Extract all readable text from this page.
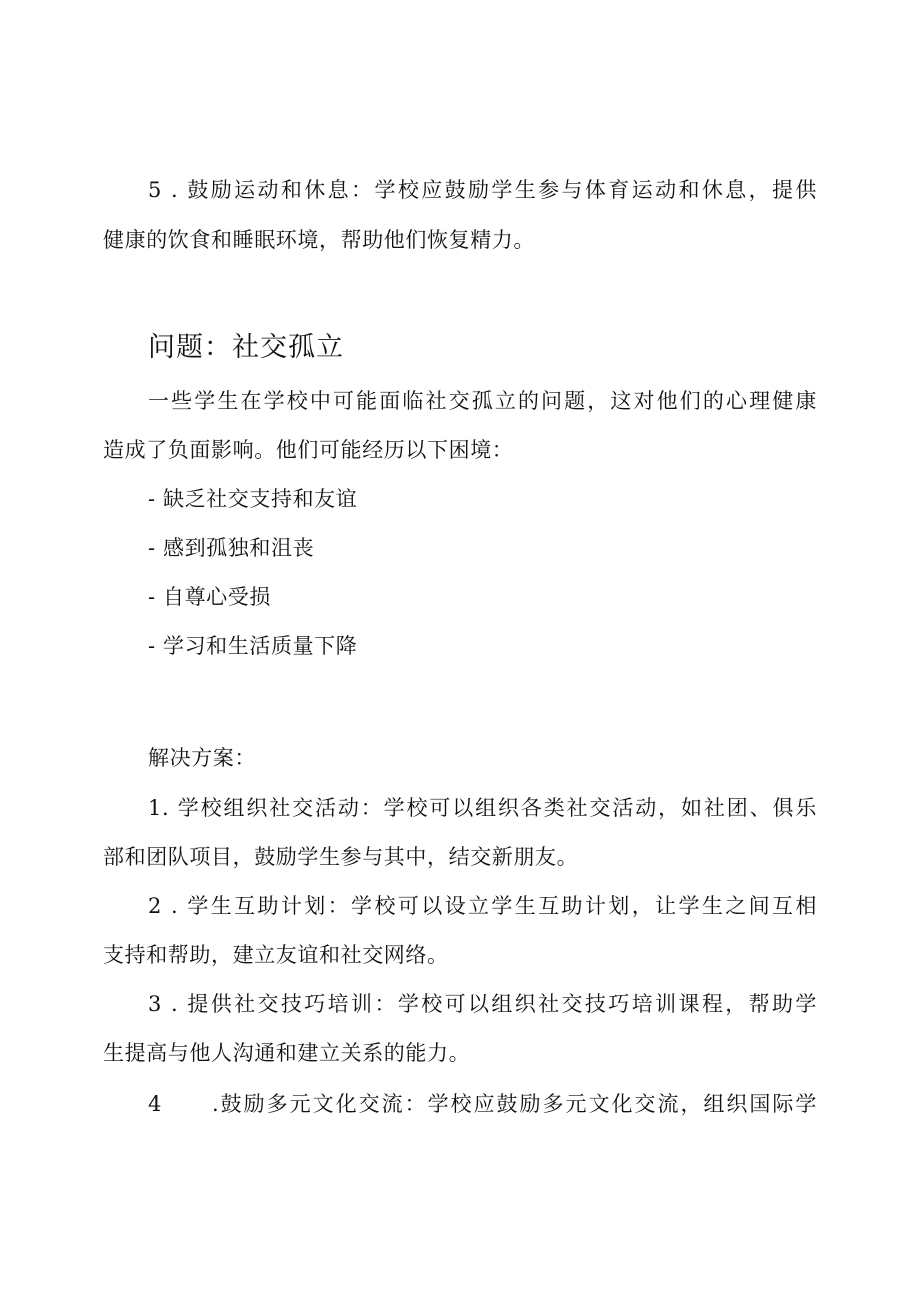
5 . 鼓励运动和休息：学校应鼓励学生参与体育运动和休息，提供
健康的饮食和睡眠环境，帮助他们恢复精力。
问题：社交孤立
一些学生在学校中可能面临社交孤立的问题，这对他们的心理健康
造成了负面影响。他们可能经历以下困境：
- 缺乏社交支持和友谊
- 感到孤独和沮丧
- 自尊心受损
- 学习和生活质量下降
解决方案：
1. 学校组织社交活动：学校可以组织各类社交活动，如社团、俱乐
部和团队项目，鼓励学生参与其中，结交新朋友。
2 . 学生互助计划：学校可以设立学生互助计划，让学生之间互相
支持和帮助，建立友谊和社交网络。
3 . 提供社交技巧培训：学校可以组织社交技巧培训课程，帮助学
生提高与他人沟通和建立关系的能力。
4	.鼓励多元文化交流：学校应鼓励多元文化交流，组织国际学
